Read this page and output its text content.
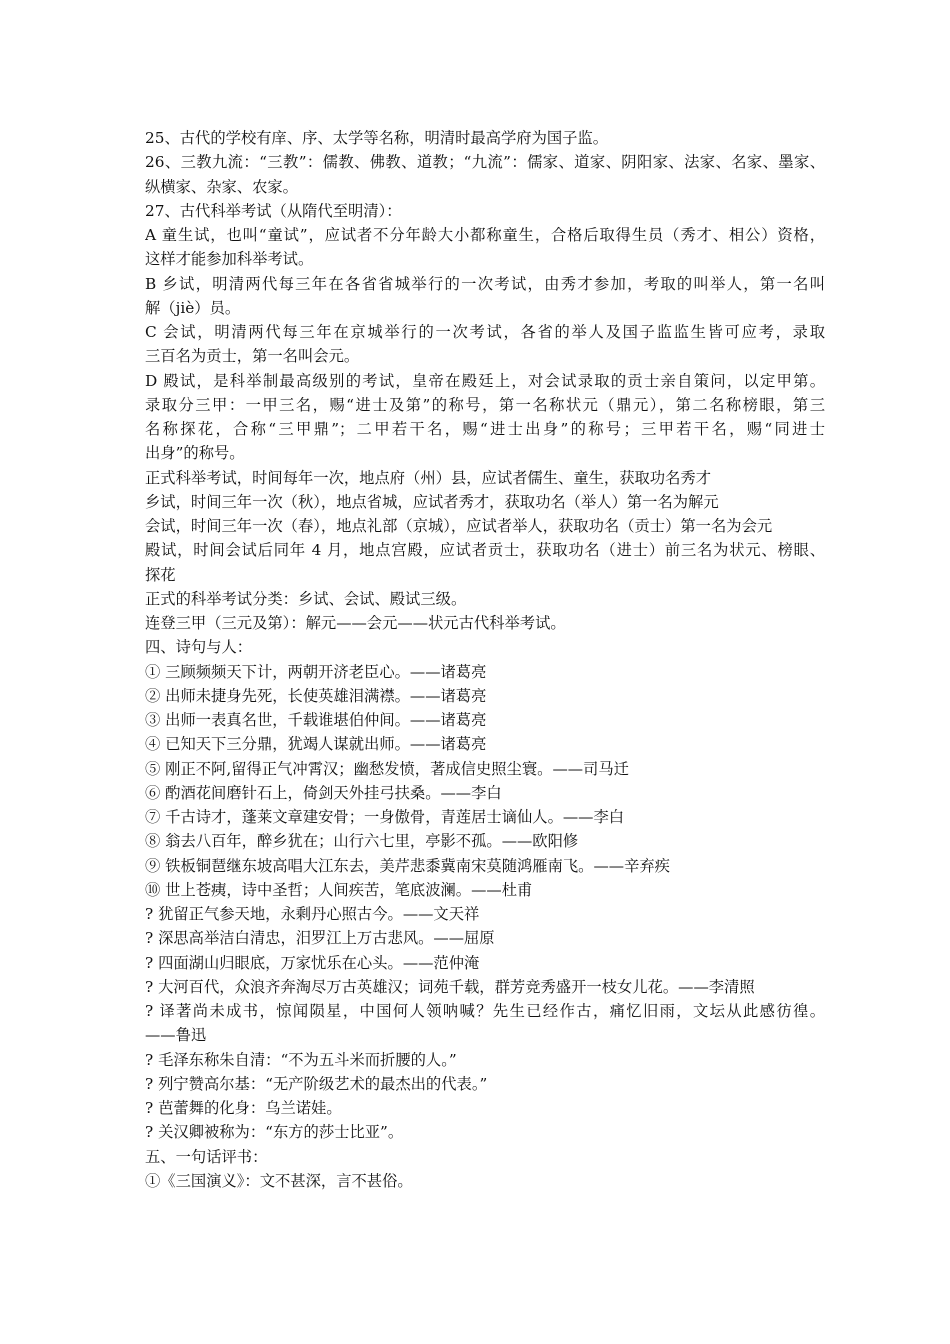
25、古代的学校有庠、序、太学等名称，明清时最高学府为国子监。
26、三教九流：“三教”：儒教、佛教、道教；“九流”：儒家、道家、阴阳家、法家、名家、墨家、
纵横家、杂家、农家。
27、古代科举考试（从隋代至明清）：
A 童生试，也叫“童试”，应试者不分年龄大小都称童生，合格后取得生员（秀才、相公）资格，
这样才能参加科举考试。
B 乡试，明清两代每三年在各省省城举行的一次考试，由秀才参加，考取的叫举人，第一名叫
解（jiè）员。
C 会试，明清两代每三年在京城举行的一次考试，各省的举人及国子监监生皆可应考，录取
三百名为贡士，第一名叫会元。
D 殿试，是科举制最高级别的考试，皇帝在殿廷上，对会试录取的贡士亲自策问，以定甲第。
录取分三甲：一甲三名，赐“进士及第”的称号，第一名称状元（鼎元），第二名称榜眼，第三
名称探花，合称“三甲鼎”；二甲若干名，赐“进士出身”的称号；三甲若干名，赐“同进士
出身”的称号。
正式科举考试，时间每年一次，地点府（州）县，应试者儒生、童生，获取功名秀才
乡试，时间三年一次（秋），地点省城，应试者秀才，获取功名（举人）第一名为解元
会试，时间三年一次（春），地点礼部（京城），应试者举人，获取功名（贡士）第一名为会元
殿试，时间会试后同年 4 月，地点宫殿，应试者贡士，获取功名（进士）前三名为状元、榜眼、
探花
正式的科举考试分类：乡试、会试、殿试三级。
连登三甲（三元及第）：解元——会元——状元古代科举考试。
四、诗句与人：
① 三顾频频天下计，两朝开济老臣心。——诸葛亮
② 出师未捷身先死，长使英雄泪满襟。——诸葛亮
③ 出师一表真名世，千载谁堪伯仲间。——诸葛亮
④ 已知天下三分鼎，犹竭人谋就出师。——诸葛亮
⑤ 刚正不阿,留得正气冲霄汉；幽愁发愤，著成信史照尘寰。——司马迁
⑥ 酌酒花间磨针石上，倚剑天外挂弓扶桑。——李白
⑦ 千古诗才，蓬莱文章建安骨；一身傲骨，青莲居士谪仙人。——李白
⑧ 翁去八百年，醉乡犹在；山行六七里，亭影不孤。——欧阳修
⑨ 铁板铜琶继东坡高唱大江东去，美芹悲黍冀南宋莫随鸿雁南飞。——辛弃疾
⑩ 世上苍痍，诗中圣哲；人间疾苦，笔底波澜。——杜甫
? 犹留正气参天地，永剩丹心照古今。——文天祥
? 深思高举洁白清忠，汨罗江上万古悲风。——屈原
? 四面湖山归眼底，万家忧乐在心头。——范仲淹
? 大河百代，众浪齐奔淘尽万古英雄汉；词苑千载，群芳竞秀盛开一枝女儿花。——李清照
? 译著尚未成书，惊闻陨星，中国何人领呐喊？先生已经作古，痛忆旧雨，文坛从此感彷徨。
——鲁迅
? 毛泽东称朱自清：“不为五斗米而折腰的人。”
? 列宁赞高尔基：“无产阶级艺术的最杰出的代表。”
? 芭蕾舞的化身：乌兰诺娃。
? 关汉卿被称为：“东方的莎士比亚”。
五、一句话评书：
①《三国演义》：文不甚深，言不甚俗。
